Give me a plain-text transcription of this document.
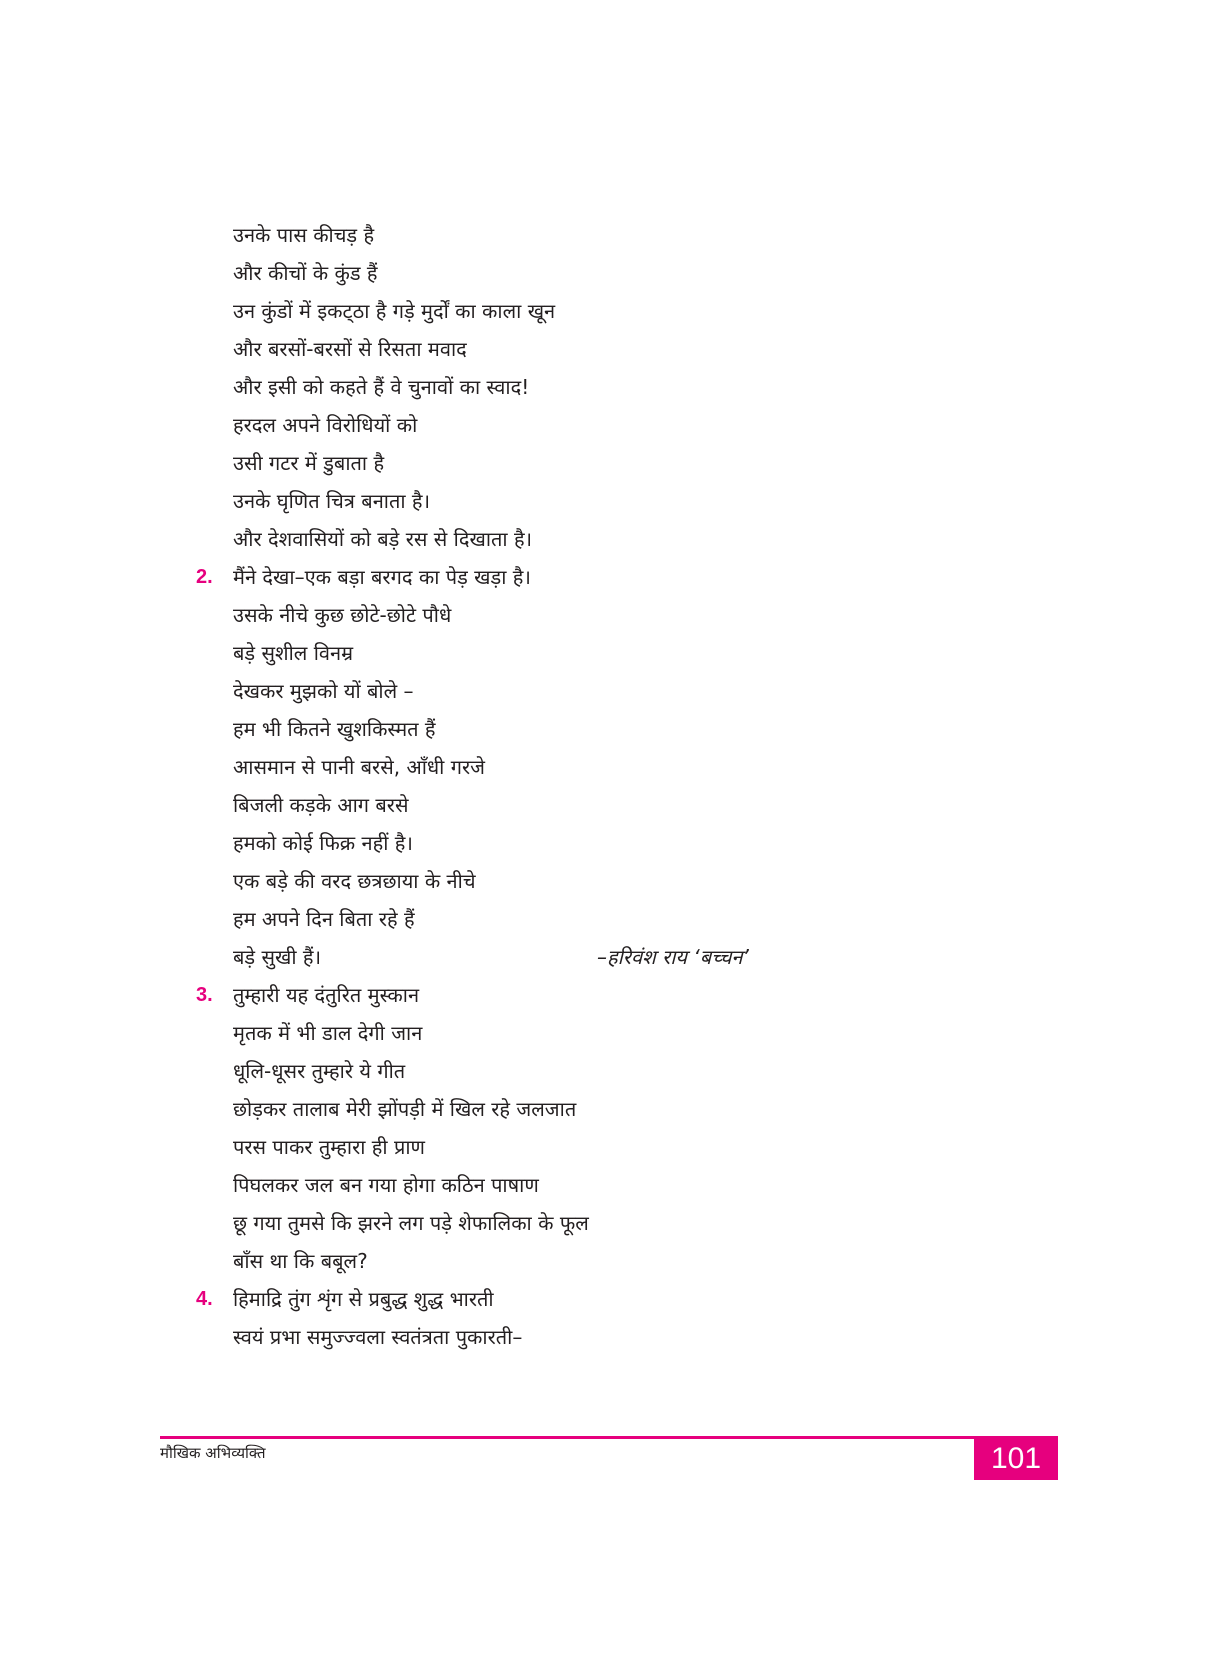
उनके पास कीचड़ है
और कीचों के कुंड हैं
उन कुंडों में इकट्‌ठा है गड़े मुर्दों का काला खून
और बरसों-बरसों से रिसता मवाद
और इसी को कहते हैं वे चुनावों का स्वाद!
हरदल अपने विरोधियों को
उसी गटर में डुबाता है
उनके घृणित चित्र बनाता है।
और देशवासियों को बड़े रस से दिखाता है।
2. मैंने देखा–एक बड़ा बरगद का पेड़ खड़ा है।
उसके नीचे कुछ छोटे-छोटे पौधे
बड़े सुशील विनम्र
देखकर मुझको यों बोले –
हम भी कितने खुशकिस्मत हैं
आसमान से पानी बरसे, आँधी गरजे
बिजली कड़के आग बरसे
हमको कोई फिक्र नहीं है।
एक बड़े की वरद छत्रछाया के नीचे
हम अपने दिन बिता रहे हैं
बड़े सुखी हैं।	–हरिवंश राय ‘बच्चन’
3. तुम्हारी यह दंतुरित मुस्कान
मृतक में भी डाल देगी जान
धूलि-धूसर तुम्हारे ये गीत
छोड़कर तालाब मेरी झोंपड़ी में खिल रहे जलजात
परस पाकर तुम्हारा ही प्राण
पिघलकर जल बन गया होगा कठिन पाषाण
छू गया तुमसे कि झरने लग पड़े शेफालिका के फूल
बाँस था कि बबूल?
4. हिमाद्रि तुंग शृंग से प्रबुद्ध शुद्ध भारती
स्वयं प्रभा समुज्ज्वला स्वतंत्रता पुकारती–
मौखिक अभिव्यक्ति	101
